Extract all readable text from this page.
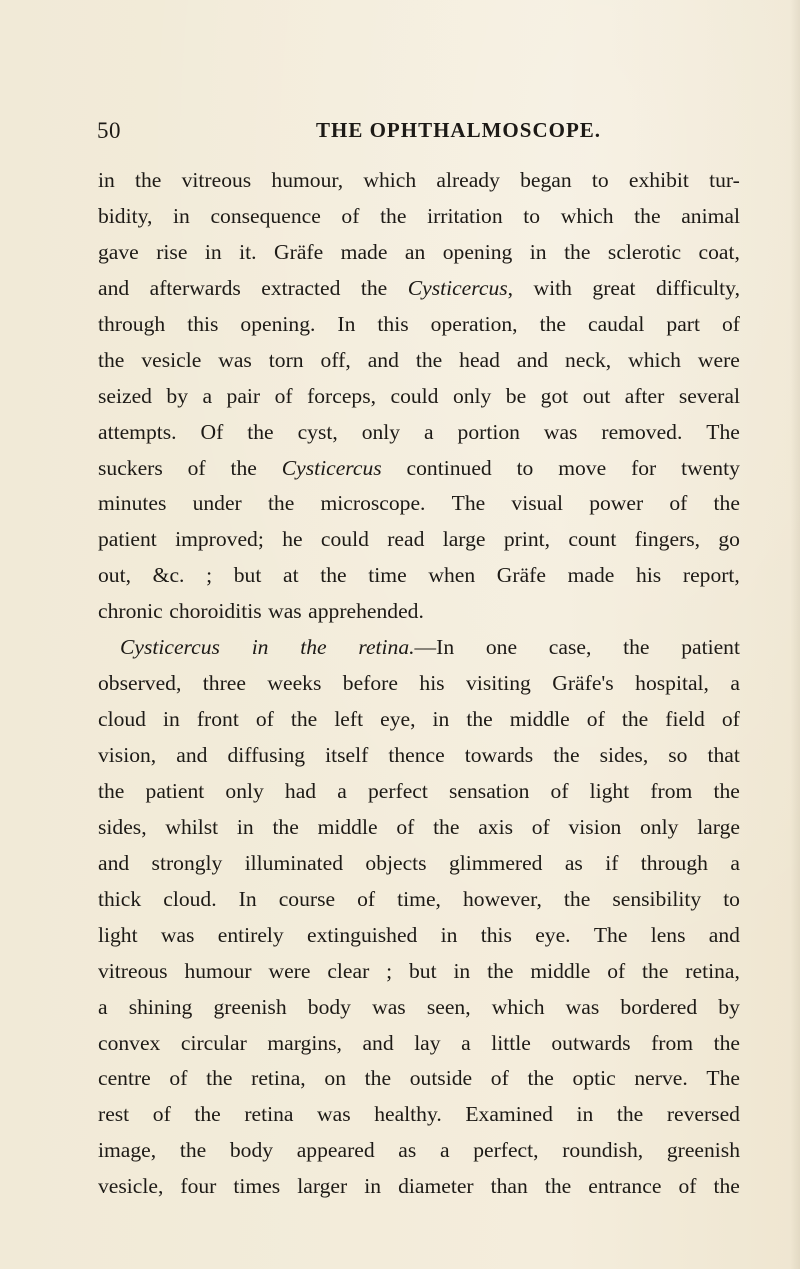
50	THE OPHTHALMOSCOPE.
in the vitreous humour, which already began to exhibit tur-
bidity, in consequence of the irritation to which the animal
gave rise in it. Gräfe made an opening in the sclerotic coat,
and afterwards extracted the Cysticercus, with great difficulty,
through this opening. In this operation, the caudal part of
the vesicle was torn off, and the head and neck, which were
seized by a pair of forceps, could only be got out after several
attempts. Of the cyst, only a portion was removed. The
suckers of the Cysticercus continued to move for twenty
minutes under the microscope. The visual power of the
patient improved; he could read large print, count fingers, go
out, &c. ; but at the time when Gräfe made his report,
chronic
choroiditis
was
apprehended.
Cysticercus in the retina.—In one case, the patient
observed, three weeks before his visiting Gräfe's hospital, a
cloud in front of the left eye, in the middle of the field of
vision, and diffusing itself thence towards the sides, so that
the patient only had a perfect sensation of light from the
sides, whilst in the middle of the axis of vision only large
and strongly illuminated objects glimmered as if through a
thick cloud. In course of time, however, the sensibility to
light was entirely extinguished in this eye. The lens and
vitreous humour were clear ; but in the middle of the retina,
a shining greenish body was seen, which was bordered by
convex circular margins, and lay a little outwards from the
centre of the retina, on the outside of the optic nerve. The
rest of the retina was healthy. Examined in the reversed
image, the body appeared as a perfect, roundish, greenish
vesicle, four times larger in diameter than the entrance of the
